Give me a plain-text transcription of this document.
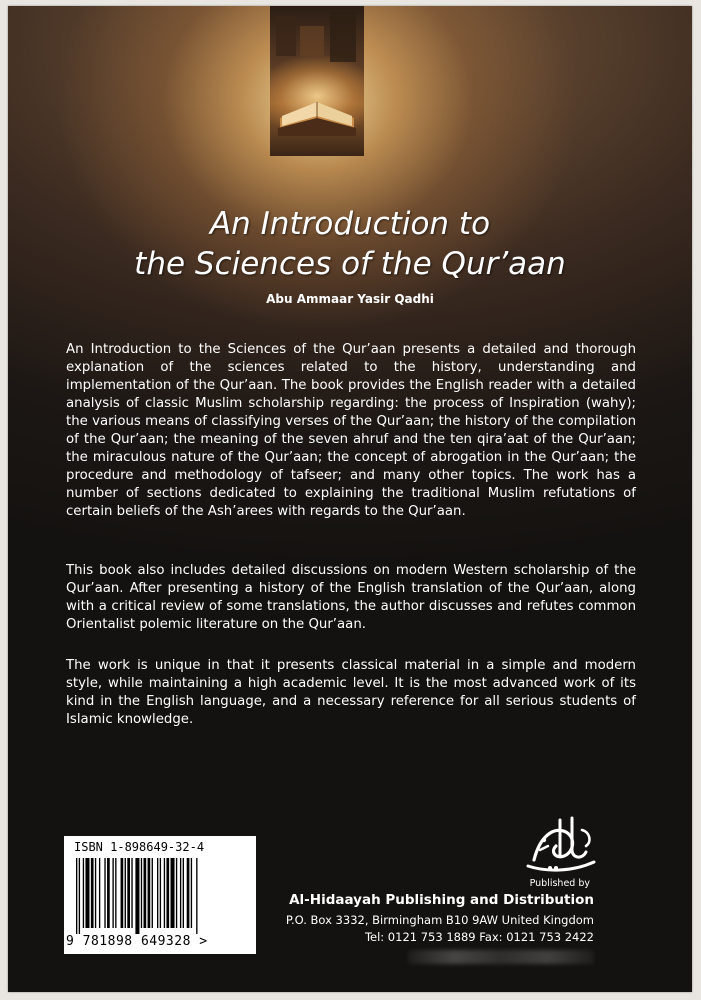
An Introduction to
the Sciences of the Qur’aan
Abu Ammaar Yasir Qadhi

An Introduction to the Sciences of the Qur’aan presents a detailed and thorough explanation of the sciences related to the history, understanding and implementation of the Qur’aan. The book provides the English reader with a detailed analysis of classic Muslim scholarship regarding: the process of Inspiration (wahy); the various means of classifying verses of the Qur’aan; the history of the compilation of the Qur’aan; the meaning of the seven ahruf and the ten qira’aat of the Qur’aan; the miraculous nature of the Qur’aan; the concept of abrogation in the Qur’aan; the procedure and methodology of tafseer; and many other topics. The work has a number of sections dedicated to explaining the traditional Muslim refutations of certain beliefs of the Ash’arees with regards to the Qur’aan.

This book also includes detailed discussions on modern Western scholarship of the Qur’aan. After presenting a history of the English translation of the Qur’aan, along with a critical review of some translations, the author discusses and refutes common Orientalist polemic literature on the Qur’aan.

The work is unique in that it presents classical material in a simple and modern style, while maintaining a high academic level. It is the most advanced work of its kind in the English language, and a necessary reference for all serious students of Islamic knowledge.

ISBN 1-898649-32-4
9 781898 649328 >
Published by
Al-Hidaayah Publishing and Distribution
P.O. Box 3332, Birmingham B10 9AW United Kingdom
Tel: 0121 753 1889 Fax: 0121 753 2422
